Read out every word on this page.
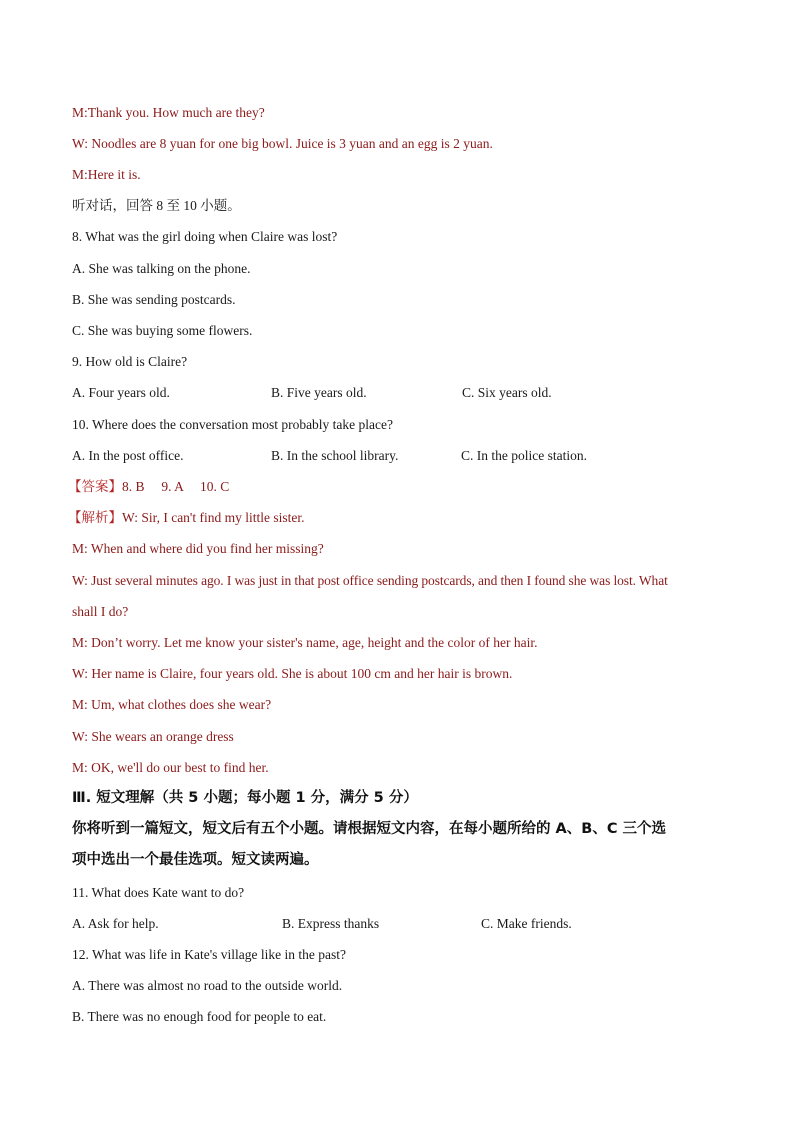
M:Thank you. How much are they?
W: Noodles are 8 yuan for one big bowl. Juice is 3 yuan and an egg is 2 yuan.
M:Here it is.
听对话，回答 8 至 10 小题。
8. What was the girl doing when Claire was lost?
A. She was talking on the phone.
B. She was sending postcards.
C. She was buying some flowers.
9. How old is Claire?
A. Four years old.	B. Five years old.	C. Six years old.
10. Where does the conversation most probably take place?
A. In the post office.	B. In the school library.	C. In the police station.
【答案】8. B     9. A     10. C
【解析】W: Sir, I can't find my little sister.
M: When and where did you find her missing?
W: Just several minutes ago. I was just in that post office sending postcards, and then I found she was lost. What
shall I do?
M: Don’t worry. Let me know your sister's name, age, height and the color of her hair.
W: Her name is Claire, four years old. She is about 100 cm and her hair is brown.
M: Um, what clothes does she wear?
W: She wears an orange dress
M: OK, we'll do our best to find her.
Ⅲ. 短文理解（共 5 小题；每小题 1 分，满分 5 分）
你将听到一篇短文，短文后有五个小题。请根据短文内容，在每小题所给的 A、B、C 三个选
项中选出一个最佳选项。短文读两遍。
11. What does Kate want to do?
A. Ask for help.	B. Express thanks	C. Make friends.
12. What was life in Kate's village like in the past?
A. There was almost no road to the outside world.
B. There was no enough food for people to eat.
